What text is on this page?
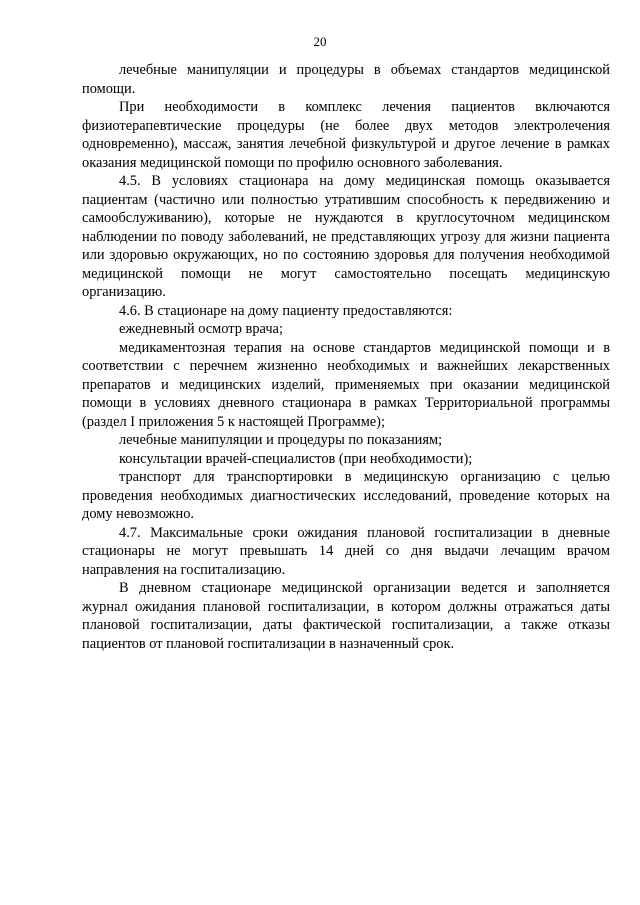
20

лечебные манипуляции и процедуры в объемах стандартов медицинской помощи.

При необходимости в комплекс лечения пациентов включаются физиотерапевтические процедуры (не более двух методов электролечения одновременно), массаж, занятия лечебной физкультурой и другое лечение в рамках оказания медицинской помощи по профилю основного заболевания.

4.5. В условиях стационара на дому медицинская помощь оказывается пациентам (частично или полностью утратившим способность к передвижению и самообслуживанию), которые не нуждаются в круглосуточном медицинском наблюдении по поводу заболеваний, не представляющих угрозу для жизни пациента или здоровью окружающих, но по состоянию здоровья для получения необходимой медицинской помощи не могут самостоятельно посещать медицинскую организацию.

4.6. В стационаре на дому пациенту предоставляются:

ежедневный осмотр врача;

медикаментозная терапия на основе стандартов медицинской помощи и в соответствии с перечнем жизненно необходимых и важнейших лекарственных препаратов и медицинских изделий, применяемых при оказании медицинской помощи в условиях дневного стационара в рамках Территориальной программы (раздел I приложения 5 к настоящей Программе);

лечебные манипуляции и процедуры по показаниям;

консультации врачей-специалистов (при необходимости);

транспорт для транспортировки в медицинскую организацию с целью проведения необходимых диагностических исследований, проведение которых на дому невозможно.

4.7. Максимальные сроки ожидания плановой госпитализации в дневные стационары не могут превышать 14 дней со дня выдачи лечащим врачом направления на госпитализацию.

В дневном стационаре медицинской организации ведется и заполняется журнал ожидания плановой госпитализации, в котором должны отражаться даты плановой госпитализации, даты фактической госпитализации, а также отказы пациентов от плановой госпитализации в назначенный срок.
